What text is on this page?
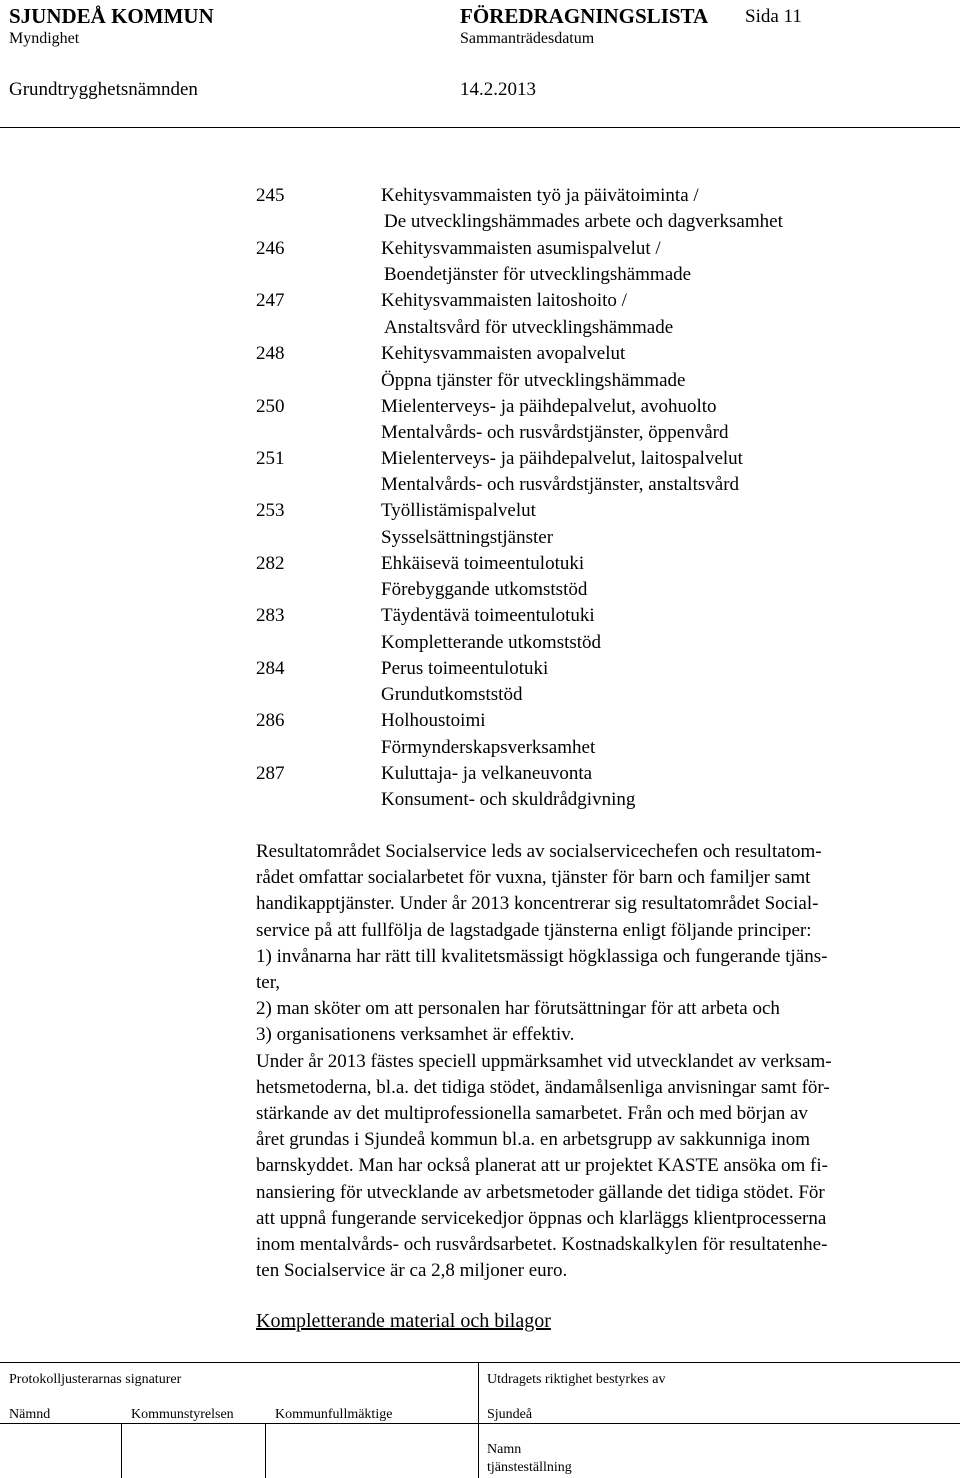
SJUNDEÅ KOMMUN	FÖREDRAGNINGSLISTA Sida 11
Myndighet	Sammanträdesdatum
Grundtrygghetsnämnden	14.2.2013
245	Kehitysvammaisten työ ja päivätoiminta /
De utvecklingshämmades arbete och dagverksamhet
246	Kehitysvammaisten asumispalvelut /
Boendetjänster för utvecklingshämmade
247	Kehitysvammaisten laitoshoito /
Anstaltsvård för utvecklingshämmade
248	Kehitysvammaisten avopalvelut
Öppna tjänster för utvecklingshämmade
250	Mielenterveys- ja päihdepalvelut, avohuolto
Mentalvårds- och rusvårdstjänster, öppenvård
251	Mielenterveys- ja päihdepalvelut, laitospalvelut
Mentalvårds- och rusvårdstjänster, anstaltsvård
253	Työllistämispalvelut
Sysselsättningstjänster
282	Ehkäisevä toimeentulotuki
Förebyggande utkomststöd
283	Täydentävä toimeentulotuki
Kompletterande utkomststöd
284	Perus toimeentulotuki
Grundutkomststöd
286	Holhoustoimi
Förmynderskapsverksamhet
287	Kuluttaja- ja velkaneuvonta
Konsument- och skuldrådgivning

Resultatområdet Socialservice leds av socialservicechefen och resultatom-

rådet omfattar socialarbetet för vuxna, tjänster för barn och familjer samt

handikapptjänster. Under år 2013 koncentrerar sig resultatområdet Social-

service på att fullfölja de lagstadgade tjänsterna enligt följande principer:

1) invånarna har rätt till kvalitetsmässigt högklassiga och fungerande tjäns-

ter,

2) man sköter om att personalen har förutsättningar för att arbeta och

3) organisationens verksamhet är effektiv.

Under år 2013 fästes speciell uppmärksamhet vid utvecklandet av verksam-

hetsmetoderna, bl.a. det tidiga stödet, ändamålsenliga anvisningar samt för-

stärkande av det multiprofessionella samarbetet. Från och med början av

året grundas i Sjundeå kommun bl.a. en arbetsgrupp av sakkunniga inom

barnskyddet. Man har också planerat att ur projektet KASTE ansöka om fi-

nansiering för utvecklande av arbetsmetoder gällande det tidiga stödet. För

att uppnå fungerande servicekedjor öppnas och klarläggs klientprocesserna

inom mentalvårds- och rusvårdsarbetet. Kostnadskalkylen för resultatenhe-

ten Socialservice är ca 2,8 miljoner euro.

Kompletterande material och bilagor
Protokolljusterarnas signaturer	Utdragets riktighet bestyrkes av
Nämnd	Kommunstyrelsen	Kommunfullmäktige	Sjundeå
Namn
tjänsteställning
